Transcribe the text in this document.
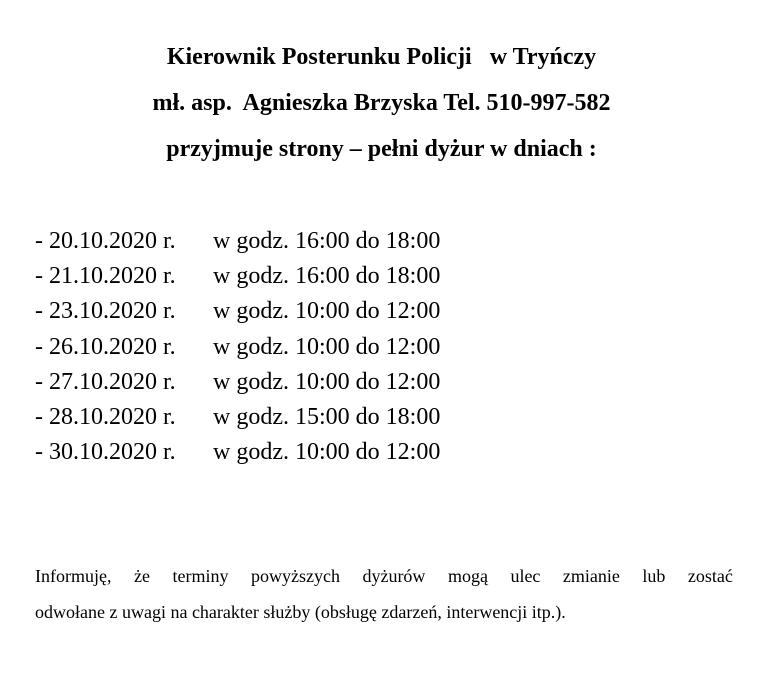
Kierownik Posterunku Policji   w Tryńczy
mł. asp.  Agnieszka Brzyska Tel. 510-997-582
przyjmuje strony – pełni dyżur w dniach :
- 20.10.2020 r. w godz. 16:00 do 18:00
- 21.10.2020 r. w godz. 16:00 do 18:00
- 23.10.2020 r. w godz. 10:00 do 12:00
- 26.10.2020 r. w godz. 10:00 do 12:00
- 27.10.2020 r. w godz. 10:00 do 12:00
- 28.10.2020 r. w godz. 15:00 do 18:00
- 30.10.2020 r. w godz. 10:00 do 12:00
Informuję, że terminy powyższych dyżurów mogą ulec zmianie lub zostać
odwołane z uwagi na charakter służby (obsługę zdarzeń, interwencji itp.).
